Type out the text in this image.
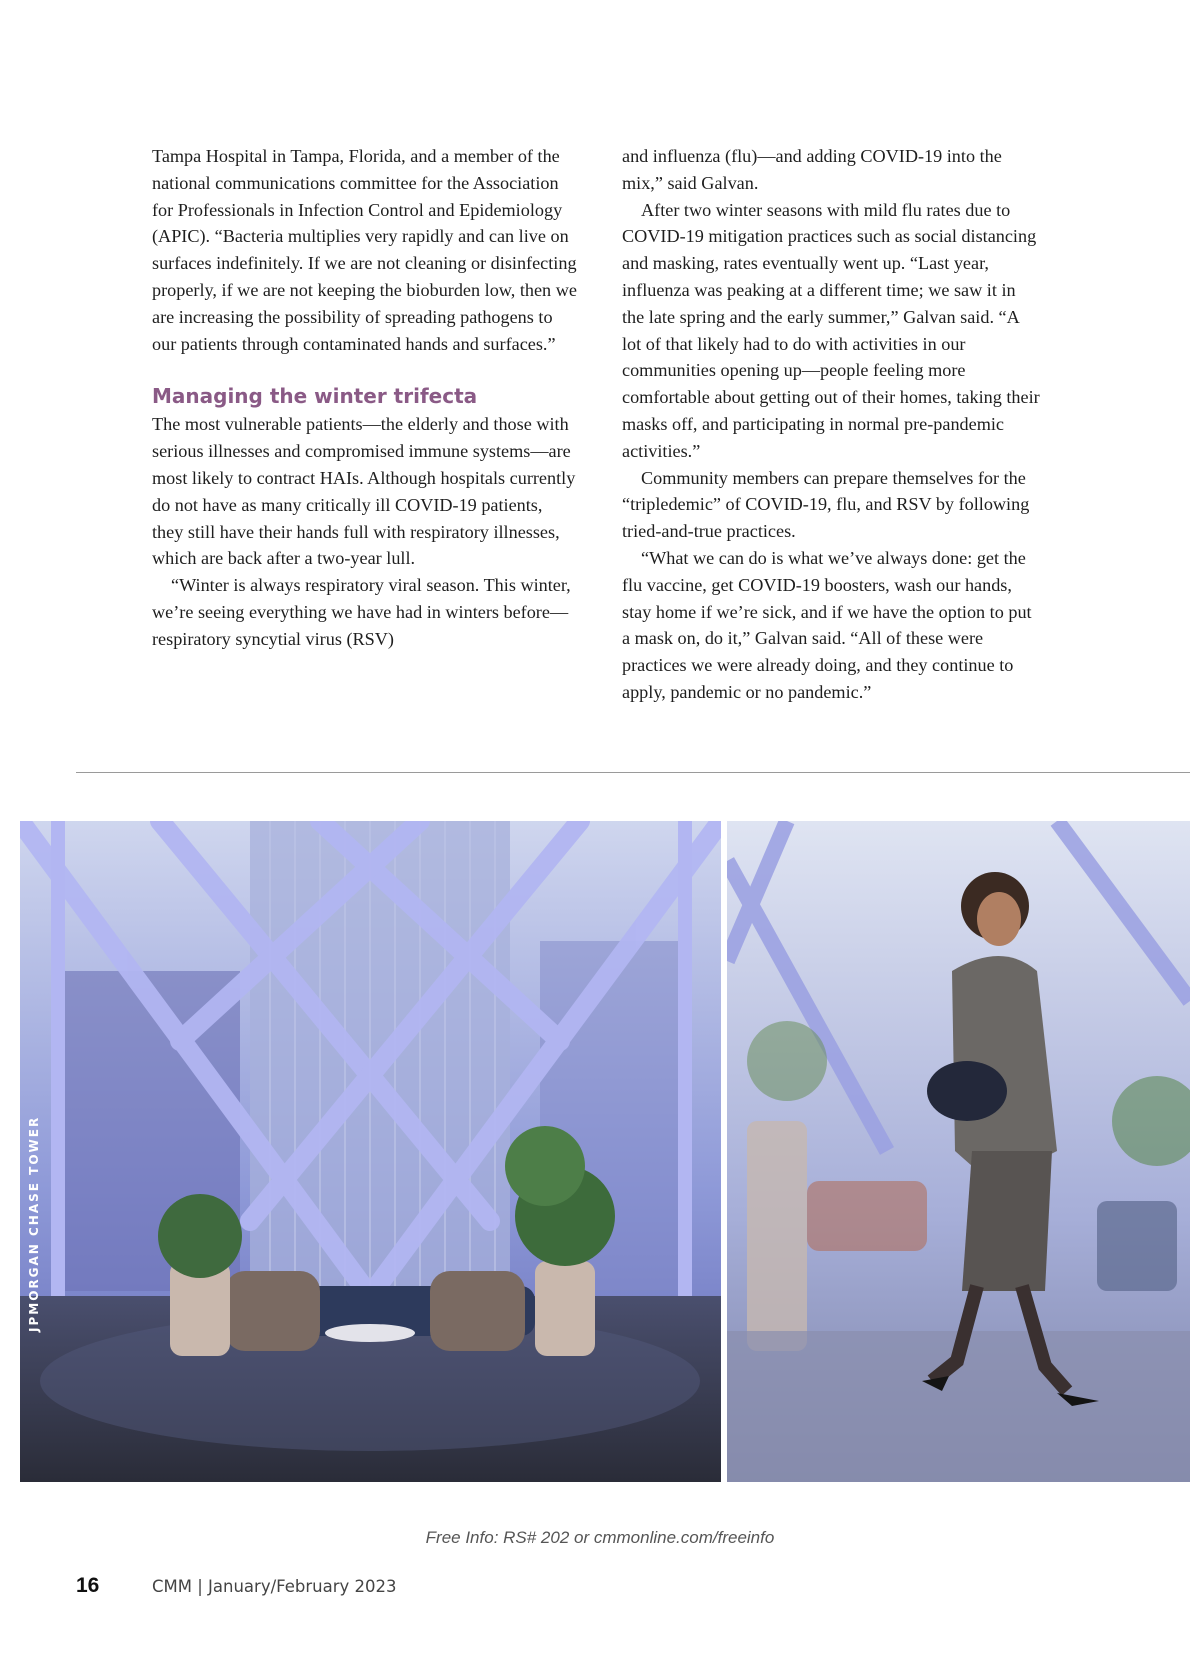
Tampa Hospital in Tampa, Florida, and a member of the national communications committee for the Association for Professionals in Infection Control and Epidemiology (APIC). “Bacteria multiplies very rapidly and can live on surfaces indefinitely. If we are not cleaning or disinfecting properly, if we are not keeping the bioburden low, then we are increasing the possibility of spreading pathogens to our patients through contaminated hands and surfaces.”

Managing the winter trifecta

The most vulnerable patients—the elderly and those with serious illnesses and compromised immune systems—are most likely to contract HAIs. Although hospitals currently do not have as many critically ill COVID-19 patients, they still have their hands full with respiratory illnesses, which are back after a two-year lull.

“Winter is always respiratory viral season. This winter, we’re seeing everything we have had in winters before—respiratory syncytial virus (RSV)

and influenza (flu)—and adding COVID-19 into the mix,” said Galvan.

After two winter seasons with mild flu rates due to COVID-19 mitigation practices such as social distancing and masking, rates eventually went up. “Last year, influenza was peaking at a different time; we saw it in the late spring and the early summer,” Galvan said. “A lot of that likely had to do with activities in our communities opening up—people feeling more comfortable about getting out of their homes, taking their masks off, and participating in normal pre-pandemic activities.”

Community members can prepare themselves for the “tripledemic” of COVID-19, flu, and RSV by following tried-and-true practices.

“What we can do is what we’ve always done: get the flu vaccine, get COVID-19 boosters, wash our hands, stay home if we’re sick, and if we have the option to put a mask on, do it,” Galvan said. “All of these were practices we were already doing, and they continue to apply, pandemic or no pandemic.”

JPMORGAN CHASE TOWER
Free Info: RS# 202 or cmmonline.com/freeinfo
16	CMM | January/February 2023
